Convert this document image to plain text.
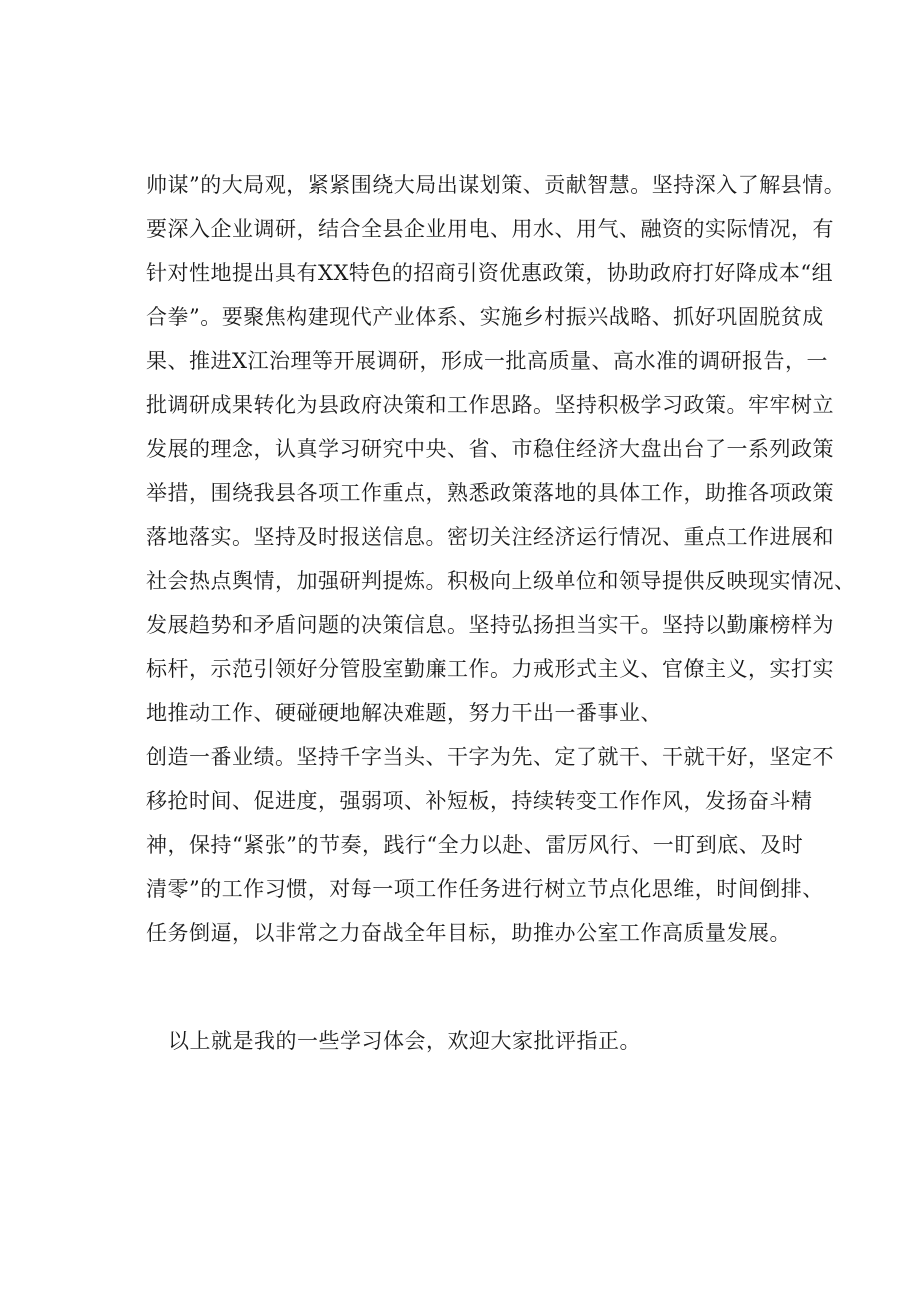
帅谋”的大局观，紧紧围绕大局出谋划策、贡献智慧。坚持深入了解县情。
要深入企业调研，结合全县企业用电、用水、用气、融资的实际情况，有
针对性地提出具有XX特色的招商引资优惠政策，协助政府打好降成本“组
合拳”。要聚焦构建现代产业体系、实施乡村振兴战略、抓好巩固脱贫成
果、推进X江治理等开展调研，形成一批高质量、高水准的调研报告，一
批调研成果转化为县政府决策和工作思路。坚持积极学习政策。牢牢树立
发展的理念，认真学习研究中央、省、市稳住经济大盘出台了一系列政策
举措，围绕我县各项工作重点，熟悉政策落地的具体工作，助推各项政策
落地落实。坚持及时报送信息。密切关注经济运行情况、重点工作进展和
社会热点舆情，加强研判提炼。积极向上级单位和领导提供反映现实情况、
发展趋势和矛盾问题的决策信息。坚持弘扬担当实干。坚持以勤廉榜样为
标杆，示范引领好分管股室勤廉工作。力戒形式主义、官僚主义，实打实
地推动工作、硬碰硬地解决难题，努力干出一番事业、
创造一番业绩。坚持千字当头、干字为先、定了就干、干就干好，坚定不
移抢时间、促进度，强弱项、补短板，持续转变工作作风，发扬奋斗精
神，保持“紧张”的节奏，践行“全力以赴、雷厉风行、一盯到底、及时
清零”的工作习惯，对每一项工作任务进行树立节点化思维，时间倒排、
任务倒逼，以非常之力奋战全年目标，助推办公室工作高质量发展。
以上就是我的一些学习体会，欢迎大家批评指正。
